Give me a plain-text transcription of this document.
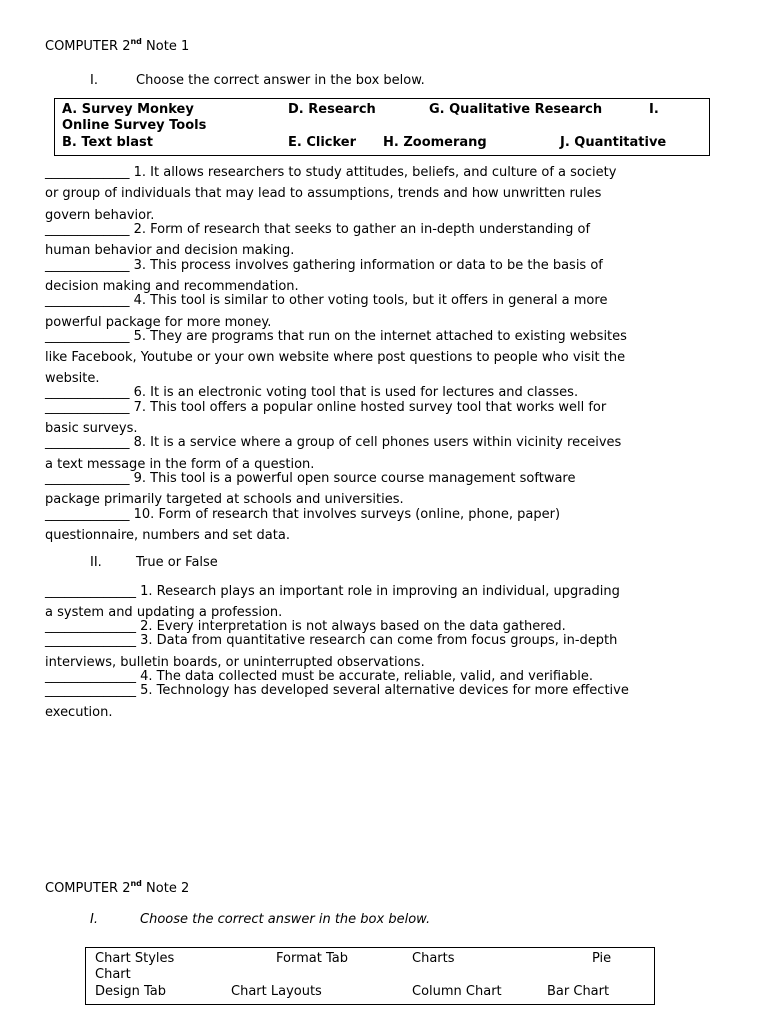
COMPUTER 2nd Note 1
I.	Choose the correct answer in the box below.
A. Survey Monkey	D. Research	G. Qualitative Research	I.
Online Survey Tools
B. Text blast	E. Clicker H. Zoomerang	J. Quantitative
_____________ 1. It allows researchers to study attitudes, beliefs, and culture of a society
or group of individuals that may lead to assumptions, trends and how unwritten rules
govern behavior.
_____________ 2. Form of research that seeks to gather an in-depth understanding of
human behavior and decision making.
_____________ 3. This process involves gathering information or data to be the basis of
decision making and recommendation.
_____________ 4. This tool is similar to other voting tools, but it offers in general a more
powerful package for more money.
_____________ 5. They are programs that run on the internet attached to existing websites
like Facebook, Youtube or your own website where post questions to people who visit the
website.
_____________ 6. It is an electronic voting tool that is used for lectures and classes.
_____________ 7. This tool offers a popular online hosted survey tool that works well for
basic surveys.
_____________ 8. It is a service where a group of cell phones users within vicinity receives
a text message in the form of a question.
_____________ 9. This tool is a powerful open source course management software
package primarily targeted at schools and universities.
_____________ 10. Form of research that involves surveys (online, phone, paper)
questionnaire, numbers and set data.
II.	True or False
______________ 1. Research plays an important role in improving an individual, upgrading
a system and updating a profession.
______________ 2. Every interpretation is not always based on the data gathered.
______________ 3. Data from quantitative research can come from focus groups, in-depth
interviews, bulletin boards, or uninterrupted observations.
______________ 4. The data collected must be accurate, reliable, valid, and verifiable.
______________ 5. Technology has developed several alternative devices for more effective
execution.
COMPUTER 2nd Note 2
I.	Choose the correct answer in the box below.
Chart Styles	Format Tab	Charts	Pie
Chart
Design Tab	Chart Layouts	Column Chart	Bar Chart
